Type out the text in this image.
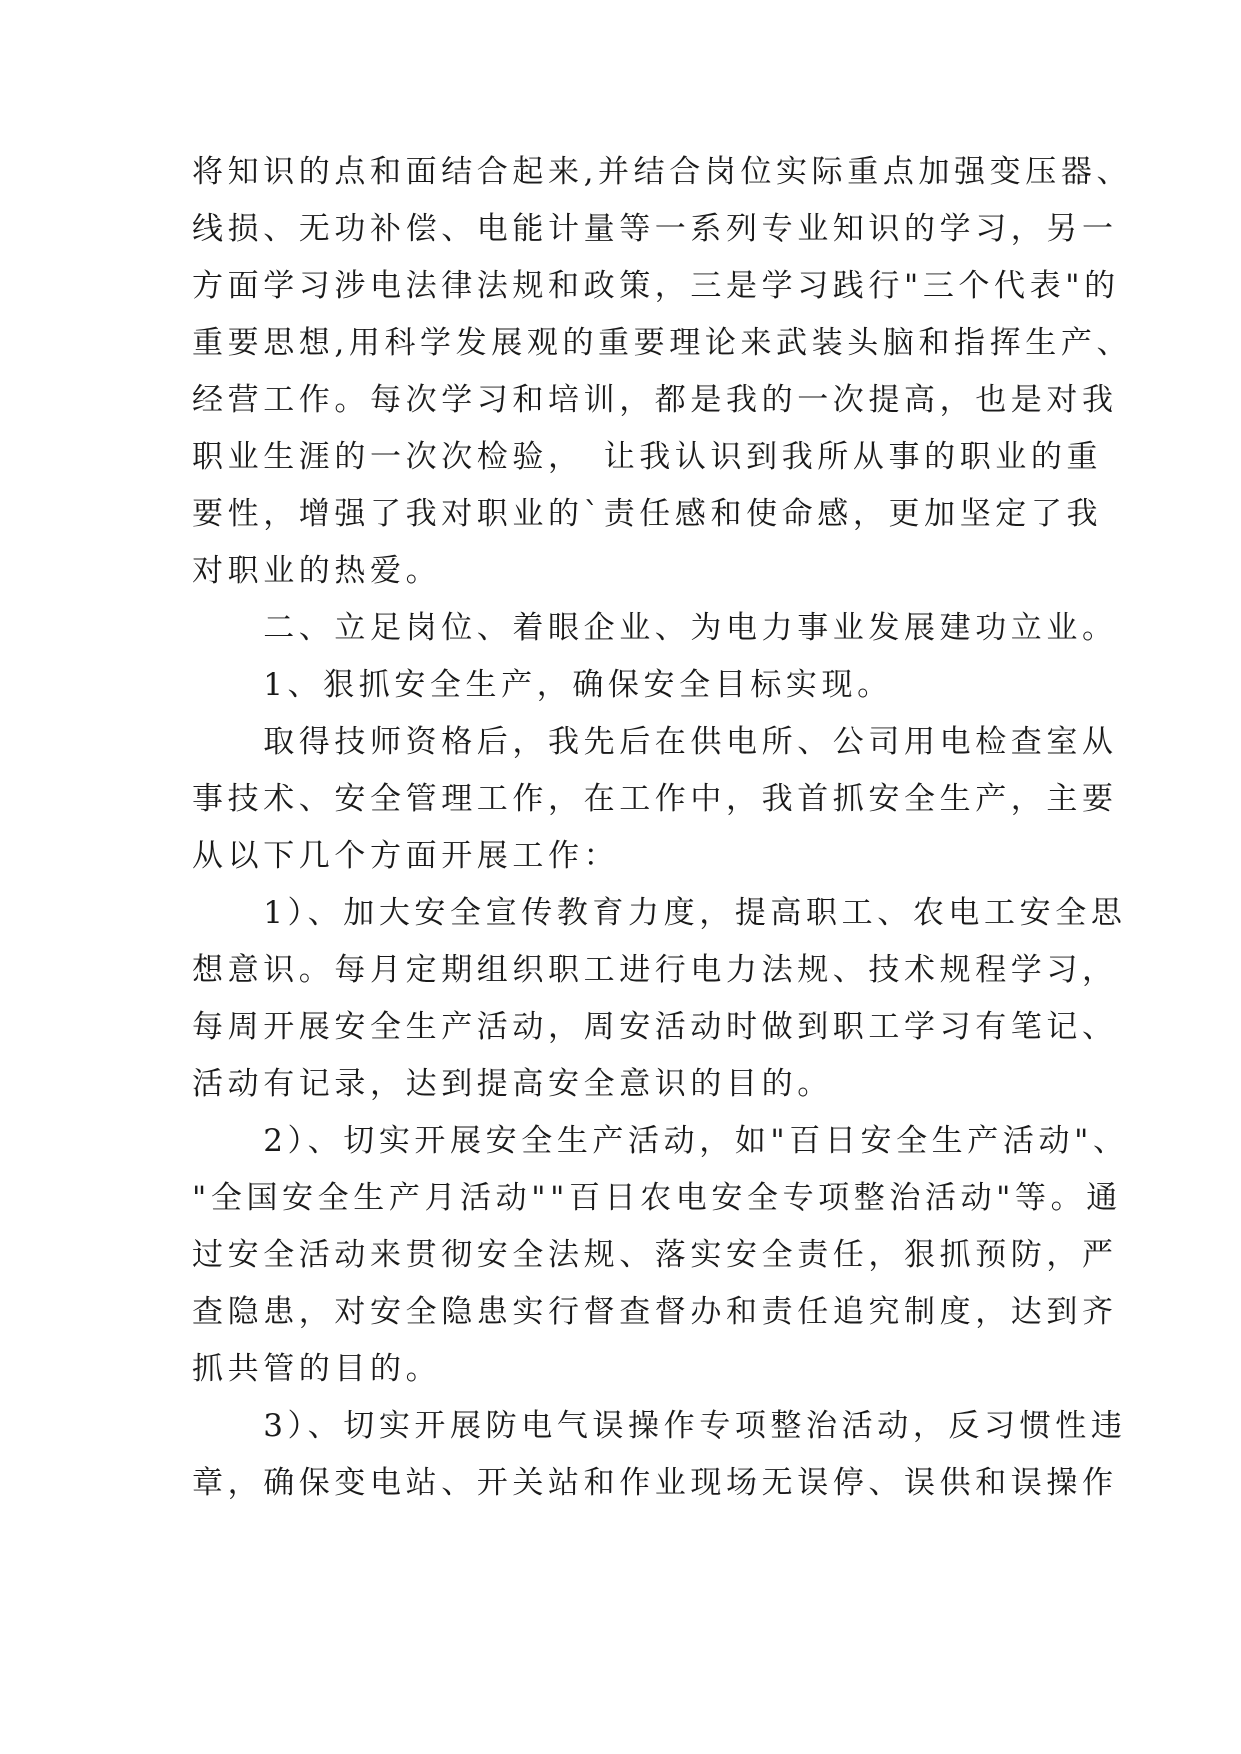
将知识的点和面结合起来,并结合岗位实际重点加强变压器、
线损、无功补偿、电能计量等一系列专业知识的学习，另一
方面学习涉电法律法规和政策，三是学习践行"三个代表"的
重要思想,用科学发展观的重要理论来武装头脑和指挥生产、
经营工作。每次学习和培训，都是我的一次提高，也是对我
职业生涯的一次次检验，　让我认识到我所从事的职业的重
要性，增强了我对职业的`责任感和使命感，更加坚定了我
对职业的热爱。
　　二、立足岗位、着眼企业、为电力事业发展建功立业。
　　1、狠抓安全生产，确保安全目标实现。
　　取得技师资格后，我先后在供电所、公司用电检查室从
事技术、安全管理工作，在工作中，我首抓安全生产，主要
从以下几个方面开展工作：
　　1）、加大安全宣传教育力度，提高职工、农电工安全思
想意识。每月定期组织职工进行电力法规、技术规程学习，
每周开展安全生产活动，周安活动时做到职工学习有笔记、
活动有记录，达到提高安全意识的目的。
　　2）、切实开展安全生产活动，如"百日安全生产活动"、
"全国安全生产月活动""百日农电安全专项整治活动"等。通
过安全活动来贯彻安全法规、落实安全责任，狠抓预防，严
查隐患，对安全隐患实行督查督办和责任追究制度，达到齐
抓共管的目的。
　　3）、切实开展防电气误操作专项整治活动，反习惯性违
章，确保变电站、开关站和作业现场无误停、误供和误操作
